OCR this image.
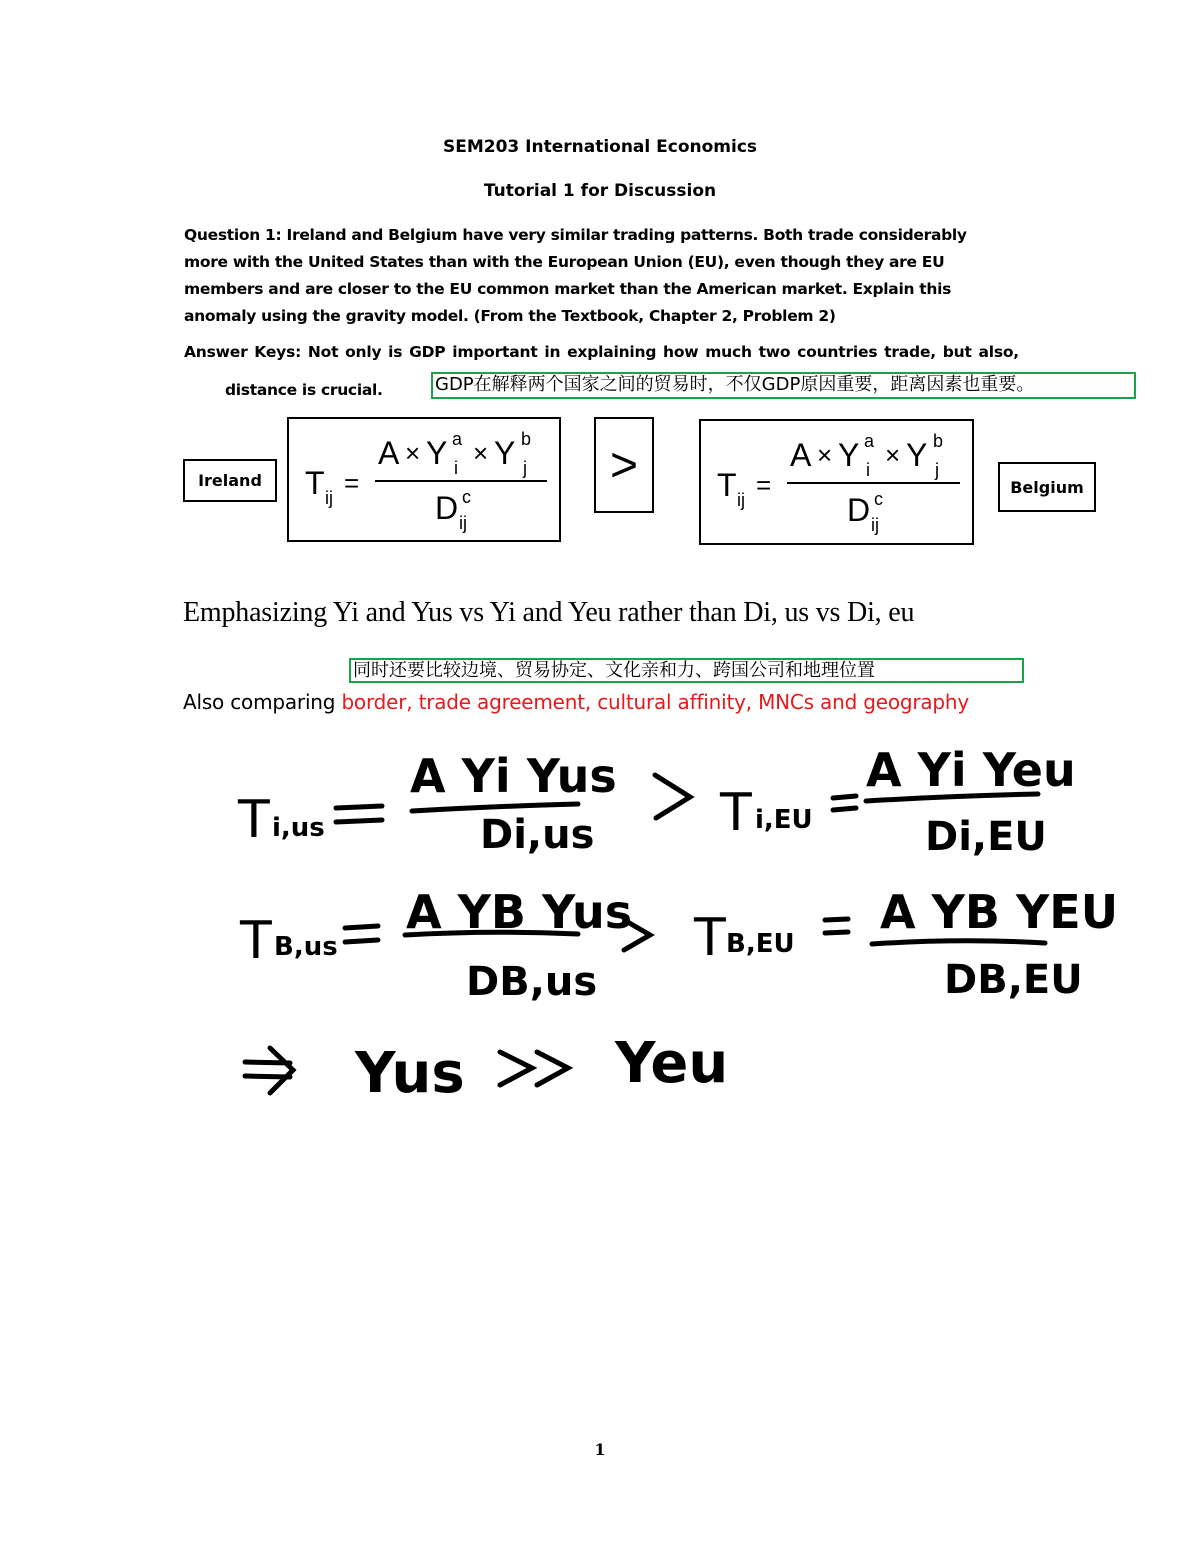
SEM203 International Economics
Tutorial 1 for Discussion
Question 1: Ireland and Belgium have very similar trading patterns. Both trade considerably more with the United States than with the European Union (EU), even though they are EU members and are closer to the EU common market than the American market. Explain this anomaly using the gravity model. (From the Textbook, Chapter 2, Problem 2)
Answer Keys: Not only is GDP important in explaining how much two countries trade, but also,
distance is crucial.	GDP在解释两个国家之间的贸易时，不仅GDP原因重要，距离因素也重要。
Ireland	T ij =
A × Y a
i × Y b
j
D c
ij
>	T ij =
A × Y a
i × Y b
j
D c
ij
Belgium
Emphasizing Yi and Yus vs Yi and Yeu rather than Di, us vs Di, eu
同时还要比较边境、贸易协定、文化亲和力、跨国公司和地理位置
Also comparing border, trade agreement, cultural affinity, MNCs and geography
T i,us
A Yi Yus
Di,us T i,EU
A Yi Yeu
Di,EU
T B,us
A YB Yus
DB,us
T B,EU
A YB YEU
DB,EU
Yus	Yeu
1
